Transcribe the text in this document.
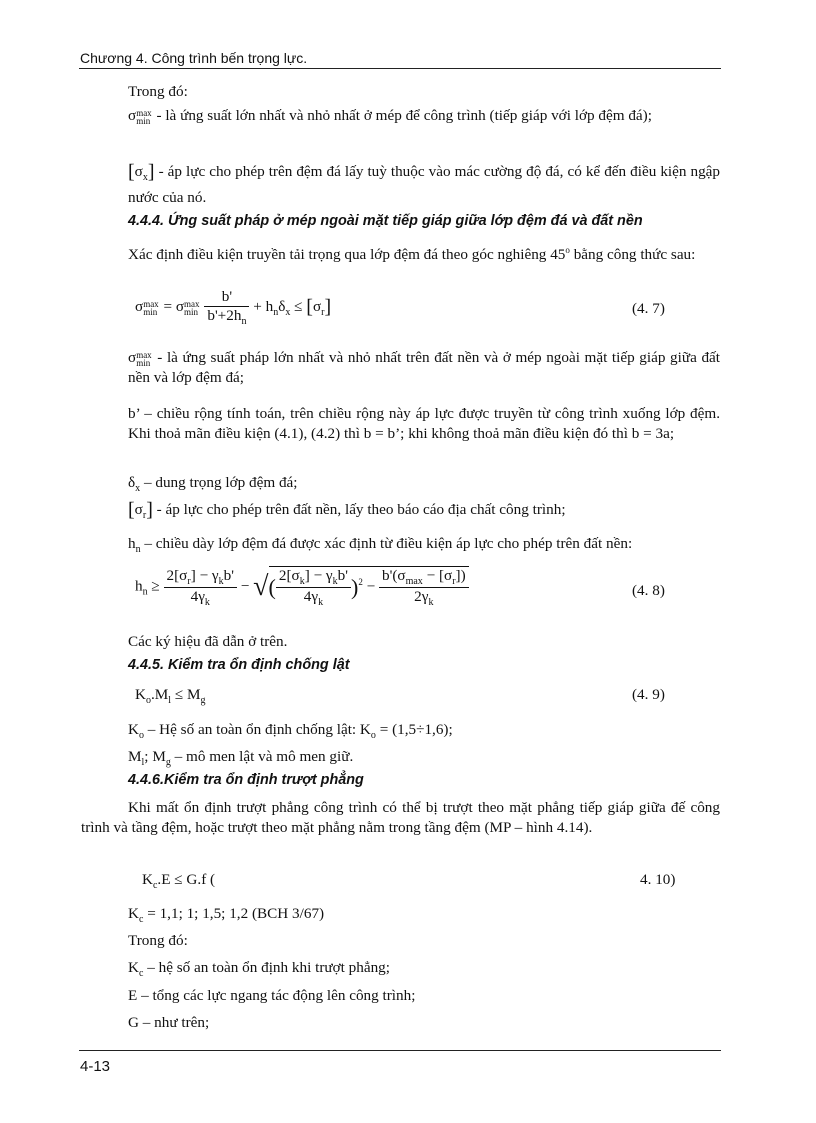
Chương 4. Công trình bến trọng lực.
Trong đó:
σmax
min - là ứng suất lớn nhất và nhỏ nhất ở mép để công trình (tiếp giáp với lớp đệm đá);
$[\sigma_x]$ - áp lực cho phép trên đệm đá lấy tuỳ thuộc vào mác cường độ đá, có kể đến điều kiện ngập nước của nó.
4.4.4. Ứng suất pháp ở mép ngoài mặt tiếp giáp giữa lớp đệm đá và đất nền
Xác định điều kiện truyền tải trọng qua lớp đệm đá theo góc nghiêng 45$^o$ bằng công thức sau:
σmax
min = σmax
$\min \frac{b'}{b'+2h_n} + h_n\delta_x \le [\sigma_r]$	(4. 7)
σmax
min - là ứng suất pháp lớn nhất và nhỏ nhất trên đất nền và ở mép ngoài mặt tiếp giáp giữa đất nền và lớp đệm đá;
b’ – chiều rộng tính toán, trên chiều rộng này áp lực được truyền từ công trình xuống lớp đệm. Khi thoả mãn điều kiện (4.1), (4.2) thì b = b’; khi không thoả mãn điều kiện đó thì b = 3a;
$\delta_x$ – dung trọng lớp đệm đá;
$[\sigma_r]$ - áp lực cho phép trên đất nền, lấy theo báo cáo địa chất công trình;
$h_n$ – chiều dày lớp đệm đá được xác định từ điều kiện áp lực cho phép trên đất nền:
$h_n \ge \frac{2[\sigma_r] - \gamma_kb'}{4\gamma_k}$ − √( $\frac{2[\sigma_k] - \gamma_kb'}{4\gamma_k} )^2 - \frac{b'(\sigma_{max} - [\sigma_r])}{2\gamma_k}$	(4. 8)
Các ký hiệu đã dẫn ở trên.
4.4.5. Kiểm tra ổn định chống lật
$K_o.M_l \le M_g$	(4. 9)
$K_o$ – Hệ số an toàn ổn định chống lật: $K_o = (1,5\div 1,6)$;
$M_l$; $M_g$ – mô men lật và mô men giữ.
4.4.6.Kiểm tra ổn định trượt phẳng
Khi mất ổn định trượt phẳng công trình có thể bị trượt theo mặt phẳng tiếp giáp giữa đế công trình và tầng đệm, hoặc trượt theo mặt phẳng nằm trong tầng đệm (MP – hình 4.14).
$K_c.E \le G.f$ (	4. 10)
$K_c = 1,1$; 1; 1,5; 1,2 (BCH 3/67)
Trong đó:
$K_c$ – hệ số an toàn ổn định khi trượt phẳng;
E – tổng các lực ngang tác động lên công trình;
G – như trên;
4-13
